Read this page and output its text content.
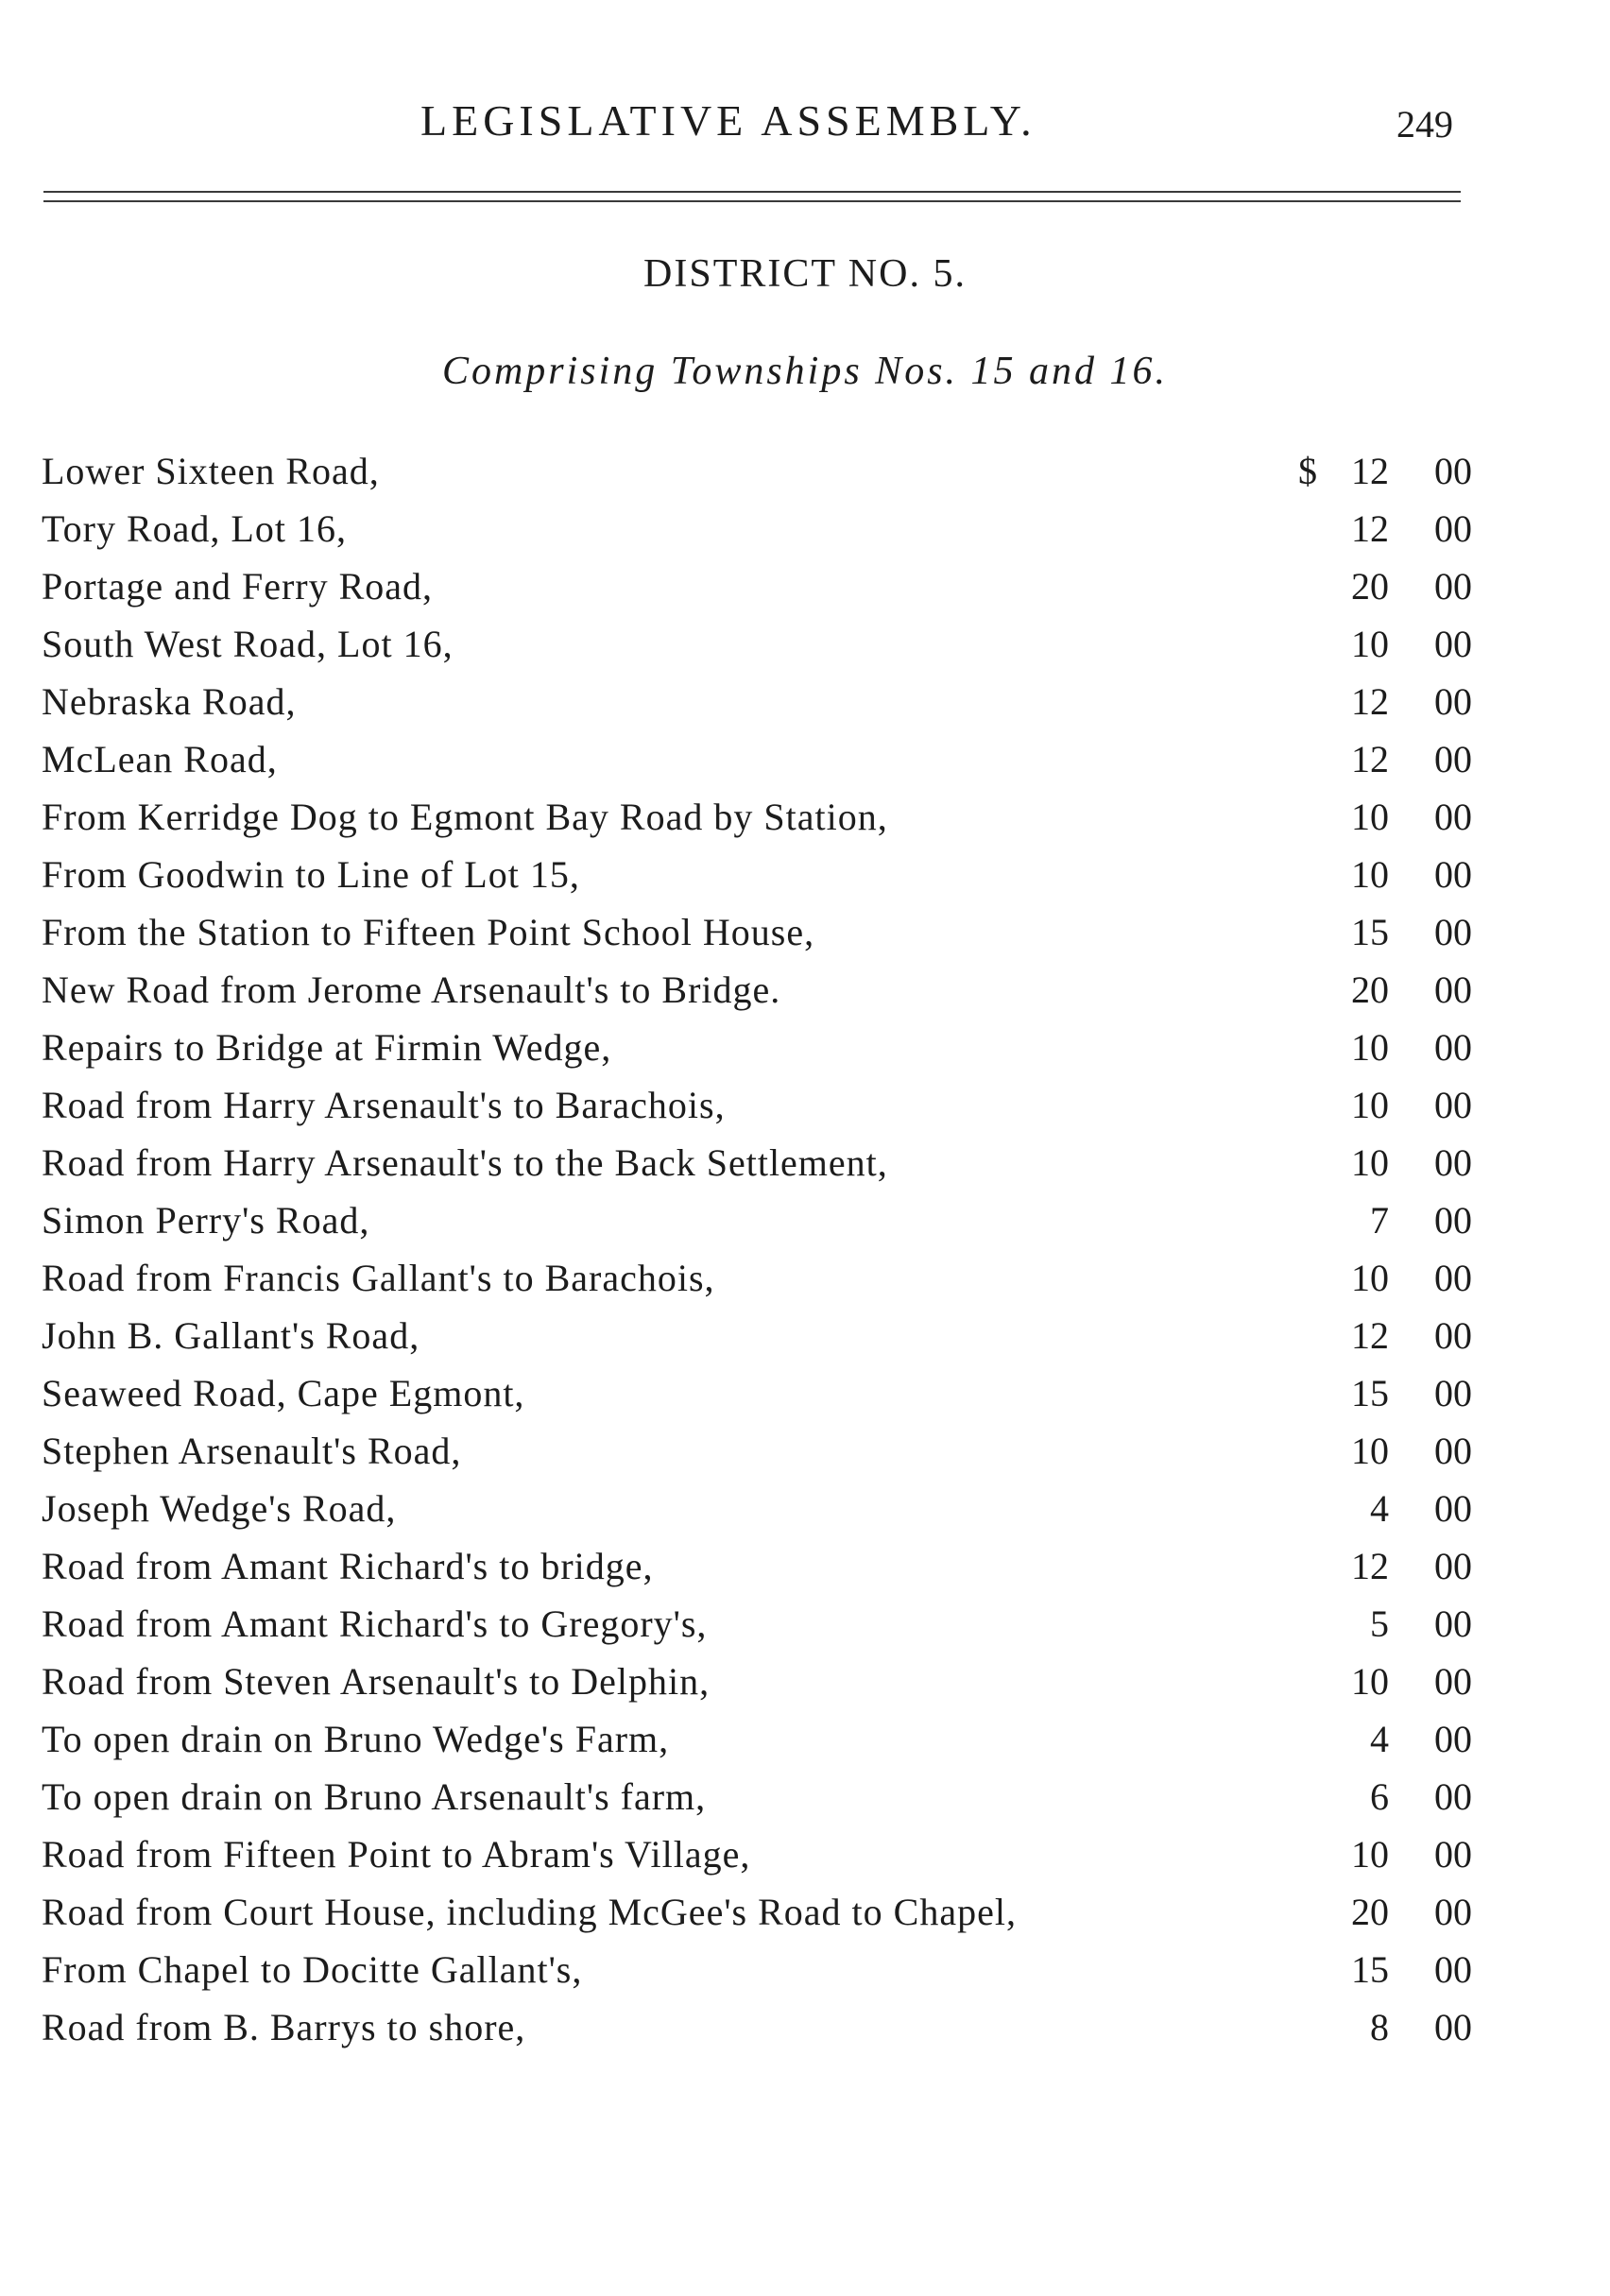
LEGISLATIVE ASSEMBLY.	249
DISTRICT NO. 5.
Comprising Townships Nos. 15 and 16.
Lower Sixteen Road,	$ 12	00
Tory Road, Lot 16,	12	00
Portage and Ferry Road,	20	00
South West Road, Lot 16,	10	00
Nebraska Road,	12	00
McLean Road,	12	00
From Kerridge Dog to Egmont Bay Road by Station,	10	00
From Goodwin to Line of Lot 15,	10	00
From the Station to Fifteen Point School House,	15	00
New Road from Jerome Arsenault's to Bridge.	20	00
Repairs to Bridge at Firmin Wedge,	10	00
Road from Harry Arsenault's to Barachois,	10	00
Road from Harry Arsenault's to the Back Settlement,	10	00
Simon Perry's Road,	7	00
Road from Francis Gallant's to Barachois,	10	00
John B. Gallant's Road,	12	00
Seaweed Road, Cape Egmont,	15	00
Stephen Arsenault's Road,	10	00
Joseph Wedge's Road,	4	00
Road from Amant Richard's to bridge,	12	00
Road from Amant Richard's to Gregory's,	5	00
Road from Steven Arsenault's to Delphin,	10	00
To open drain on Bruno Wedge's Farm,	4	00
To open drain on Bruno Arsenault's farm,	6	00
Road from Fifteen Point to Abram's Village,	10	00
Road from Court House, including McGee's Road to Chapel,	20	00
From Chapel to Docitte Gallant's,	15	00
Road from B. Barrys to shore,	8	00
